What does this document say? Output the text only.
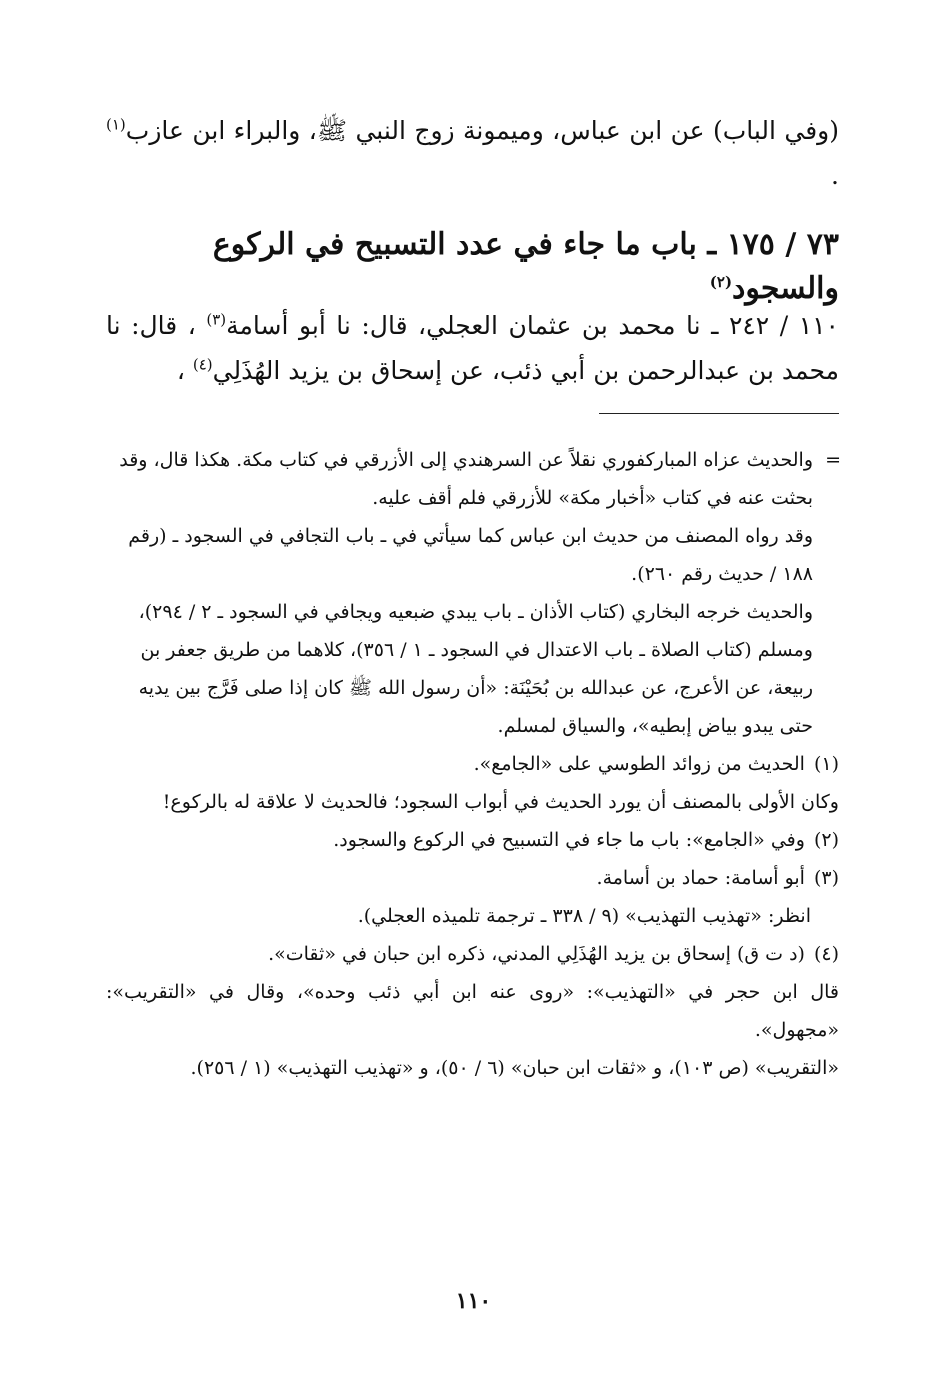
(وفي الباب) عن ابن عباس، وميمونة زوج النبي ﷺ، والبراء ابن عازب$^{(١)}$ .
٧٣ / ١٧٥ ـ باب ما جاء في عدد التسبيح في الركوع والسجود$^{(٢)}$
١١٠ / ٢٤٢ ـ نا محمد بن عثمان العجلي، قال: نا أبو أسامة$^{(٣)}$ ، قال: نا محمد بن عبدالرحمن بن أبي ذئب، عن إسحاق بن يزيد الهُذَلِي$^{(٤)}$ ،
=

والحديث عزاه المباركفوري نقلاً عن السرهندي إلى الأزرقي في كتاب مكة. هكذا قال، وقد بحثت عنه في كتاب «أخبار مكة» للأزرقي فلم أقف عليه.

وقد رواه المصنف من حديث ابن عباس كما سيأتي في ـ باب التجافي في السجود ـ (رقم ١٨٨ / حديث رقم ٢٦٠).

والحديث خرجه البخاري (كتاب الأذان ـ باب يبدي ضبعيه ويجافي في السجود ـ ٢ / ٢٩٤)، ومسلم (كتاب الصلاة ـ باب الاعتدال في السجود ـ ١ / ٣٥٦)، كلاهما من طريق جعفر بن ربيعة، عن الأعرج، عن عبدالله بن بُحَيْنَة: «أن رسول الله ﷺ كان إذا صلى فَرَّج بين يديه حتى يبدو بياض إبطيه»، والسياق لمسلم.

(١) الحديث من زوائد الطوسي على «الجامع».

وكان الأولى بالمصنف أن يورد الحديث في أبواب السجود؛ فالحديث لا علاقة له بالركوع!

(٢) وفي «الجامع»: باب ما جاء في التسبيح في الركوع والسجود.

(٣) أبو أسامة: حماد بن أسامة.

انظر: «تهذيب التهذيب» (٩ / ٣٣٨ ـ ترجمة تلميذه العجلي).

(٤) (د ت ق) إسحاق بن يزيد الهُذَلِي المدني، ذكره ابن حبان في «ثقات».

قال ابن حجر في «التهذيب»: «روى عنه ابن أبي ذئب وحده»، وقال في «التقريب»: «مجهول».

«التقريب» (ص ١٠٣)، و «ثقات ابن حبان» (٦ / ٥٠)، و «تهذيب التهذيب» (١ / ٢٥٦).

١١٠
